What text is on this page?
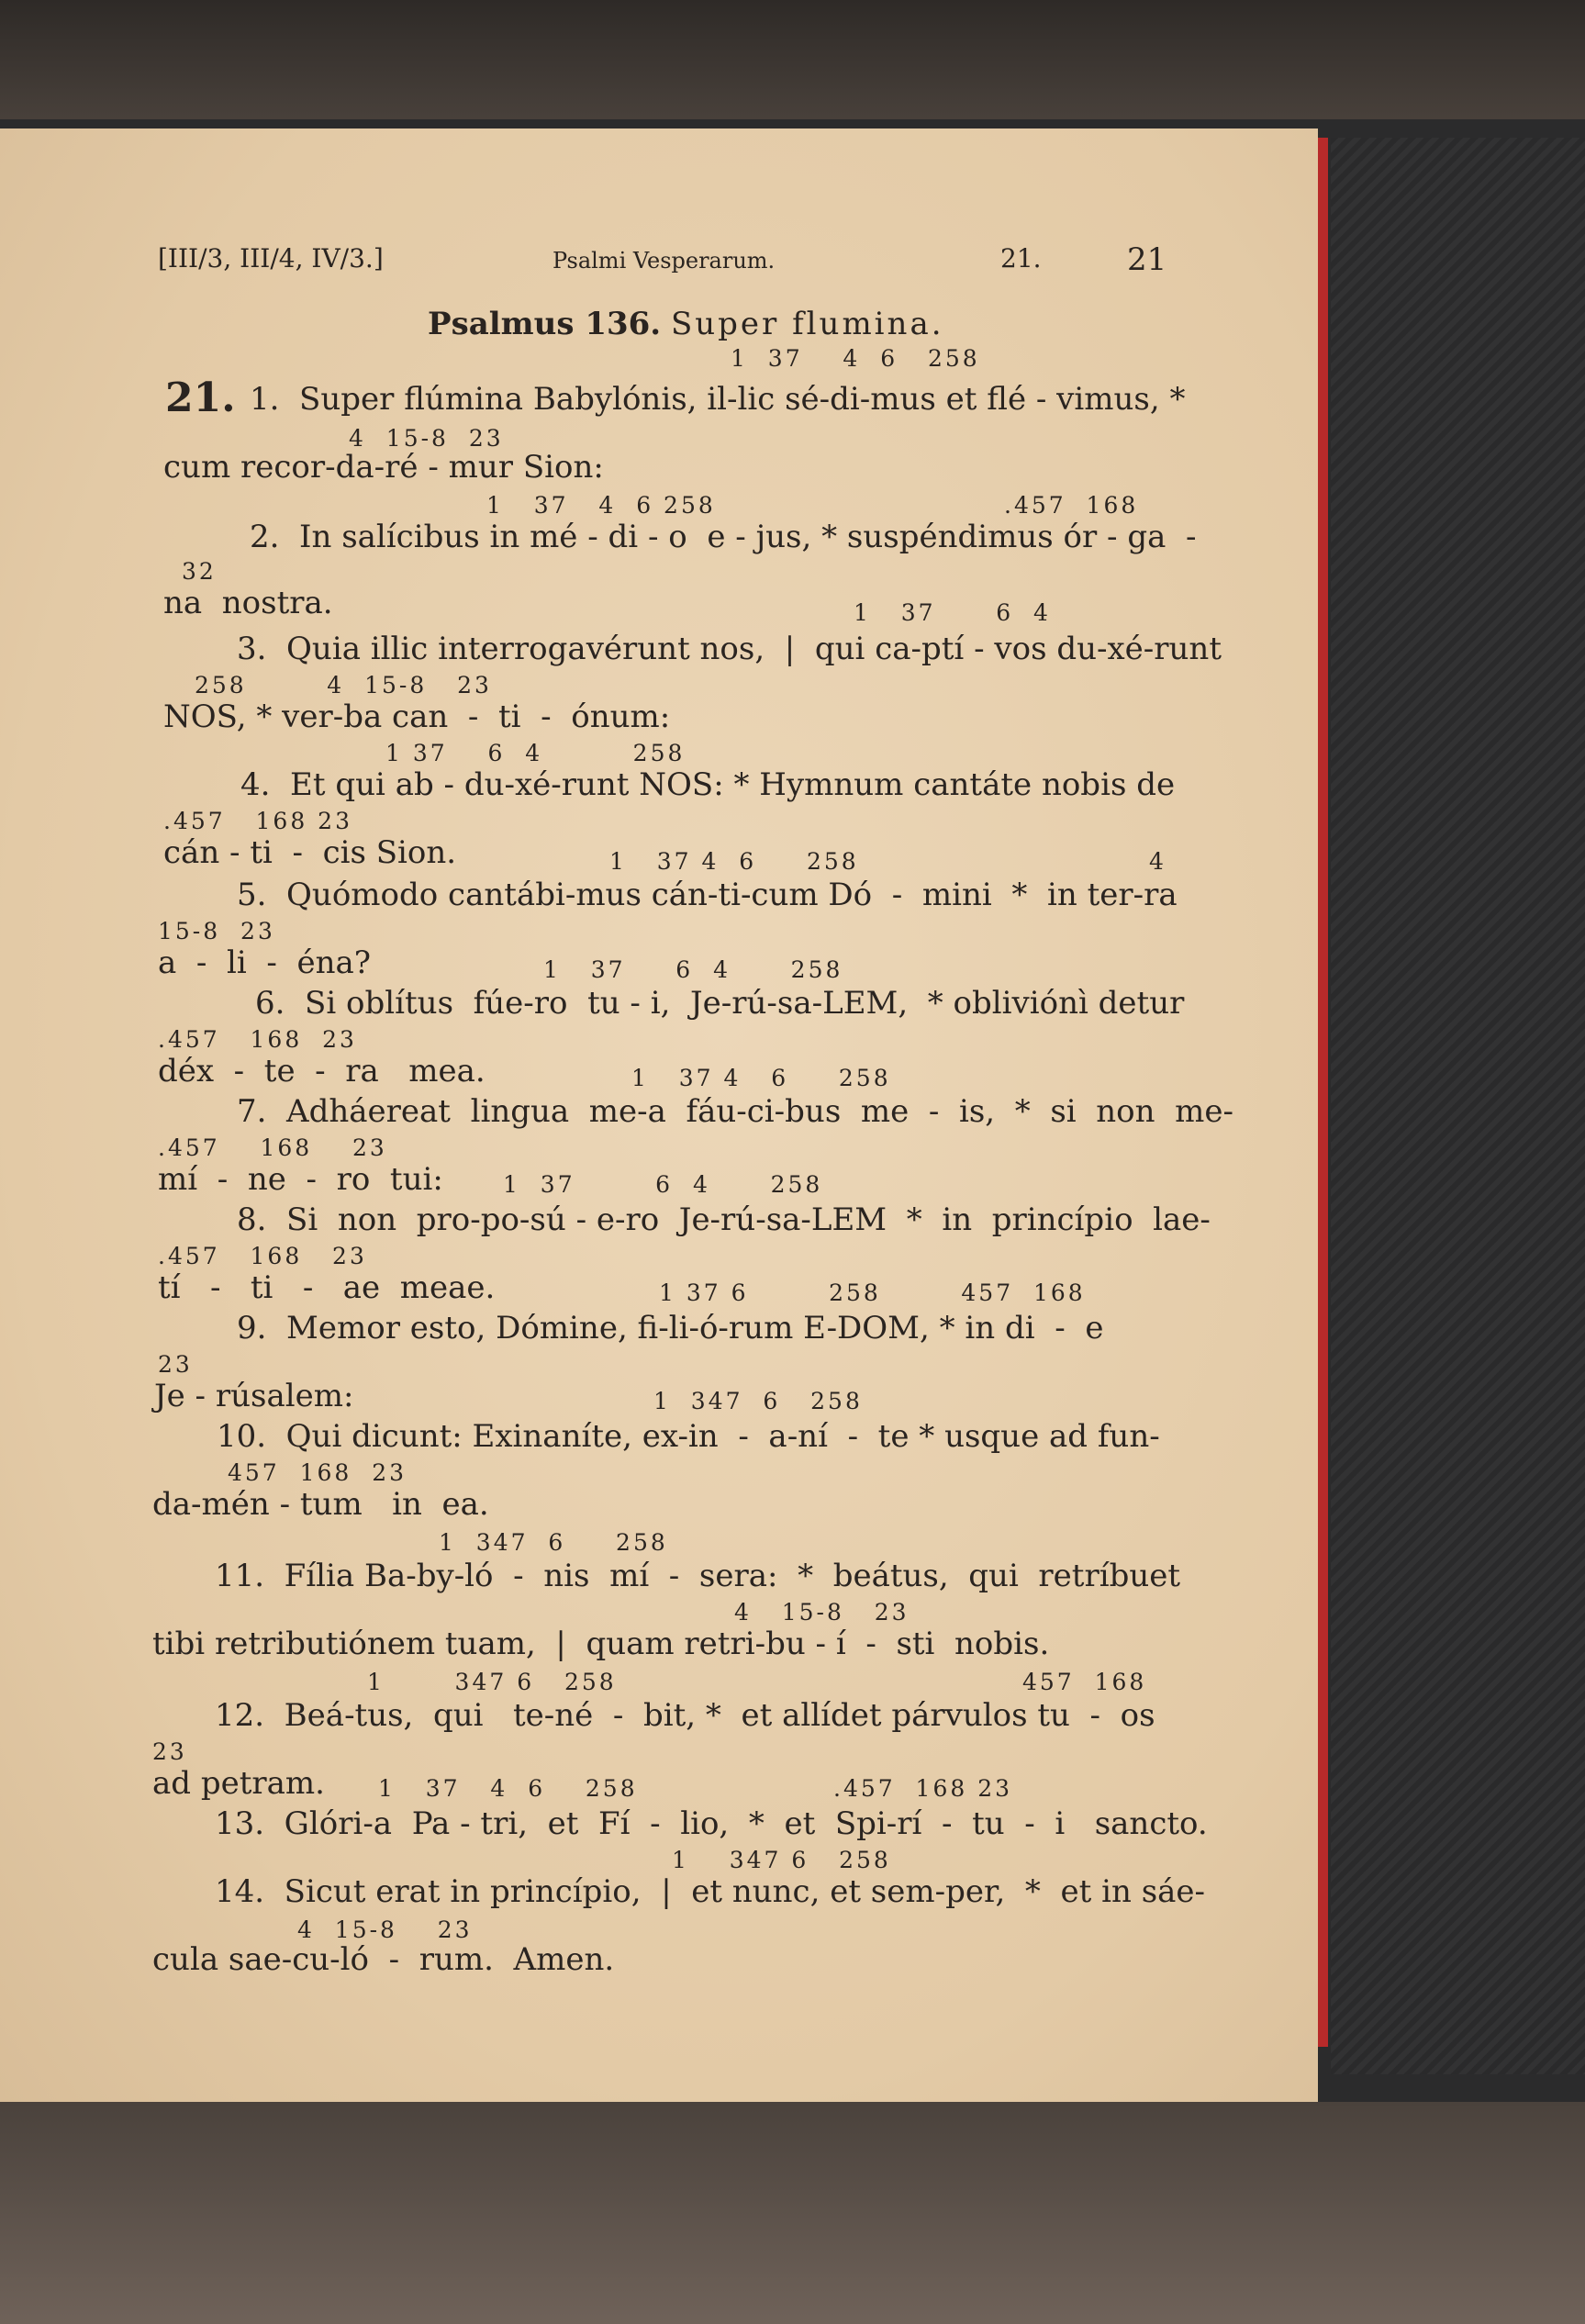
[III/3, III/4, IV/3.]	Psalmi Vesperarum.	21.	21
Psalmus 136. Super flumina.
21.
1  37    4  6   258
1.  Super flúmina Babylónis, il-lic sé-di-mus et flé - vimus, *
4  15-8  23
cum recor-da-ré - mur Sion:
1   37   4  6 258	.457  168
2.  In salícibus in mé - di - o  e - jus, * suspéndimus ór - ga  -
32
na  nostra.	1   37      6  4
3.  Quia illic interrogavérunt nos,  |  qui ca-ptí - vos du-xé-runt
258        4  15-8   23
NOS, * ver-ba can  -  ti  -  ónum:
1 37    6  4         258
4.  Et qui ab - du-xé-runt NOS: * Hymnum cantáte nobis de
.457   168 23
cán - ti  -  cis Sion.	1   37 4  6     258	4
5.  Quómodo cantábi-mus cán-ti-cum Dó  -  mini  *  in ter-ra
15-8  23
a  -  li  -  éna?	1   37     6  4      258
6.  Si oblítus  fúe-ro  tu - i,  Je-rú-sa-LEM,  * obliviónì detur
.457   168  23
déx  -  te  -  ra   mea.	1   37 4   6     258
7.  Adháereat  lingua  me-a  fáu-ci-bus  me  -  is,  *  si  non  me-
.457    168    23
mí  -  ne  -  ro  tui:	1  37        6  4      258
8.  Si  non  pro-po-sú - e-ro  Je-rú-sa-LEM  *  in  princípio  lae-
.457   168   23
tí   -   ti   -   ae  meae.	1 37 6        258        457  168
9.  Memor esto, Dómine, fi-li-ó-rum E-DOM, * in di  -  e
23
Je - rúsalem:	1  347  6   258
10.  Qui dicunt: Exinaníte, ex-in  -  a-ní  -  te * usque ad fun-
457  168  23
da-mén - tum   in  ea.
1  347  6     258
11.  Fília Ba-by-ló  -  nis  mí  -  sera:  *  beátus,  qui  retríbuet
4   15-8   23
tibi retributiónem tuam,  |  quam retri-bu - í  -  sti  nobis.
1       347 6   258	457  168
12.  Beá-tus,  qui   te-né  -  bit, *  et allídet párvulos tu  -  os
23
ad petram. 1   37   4  6    258	.457  168 23
13.  Glóri-a  Pa - tri,  et  Fí  -  lio,  *  et  Spi-rí  -  tu  -  i   sancto.
1    347 6   258
14.  Sicut erat in princípio,  |  et nunc, et sem-per,  *  et in sáe-
4  15-8    23
cula sae-cu-ló  -  rum.  Amen.
